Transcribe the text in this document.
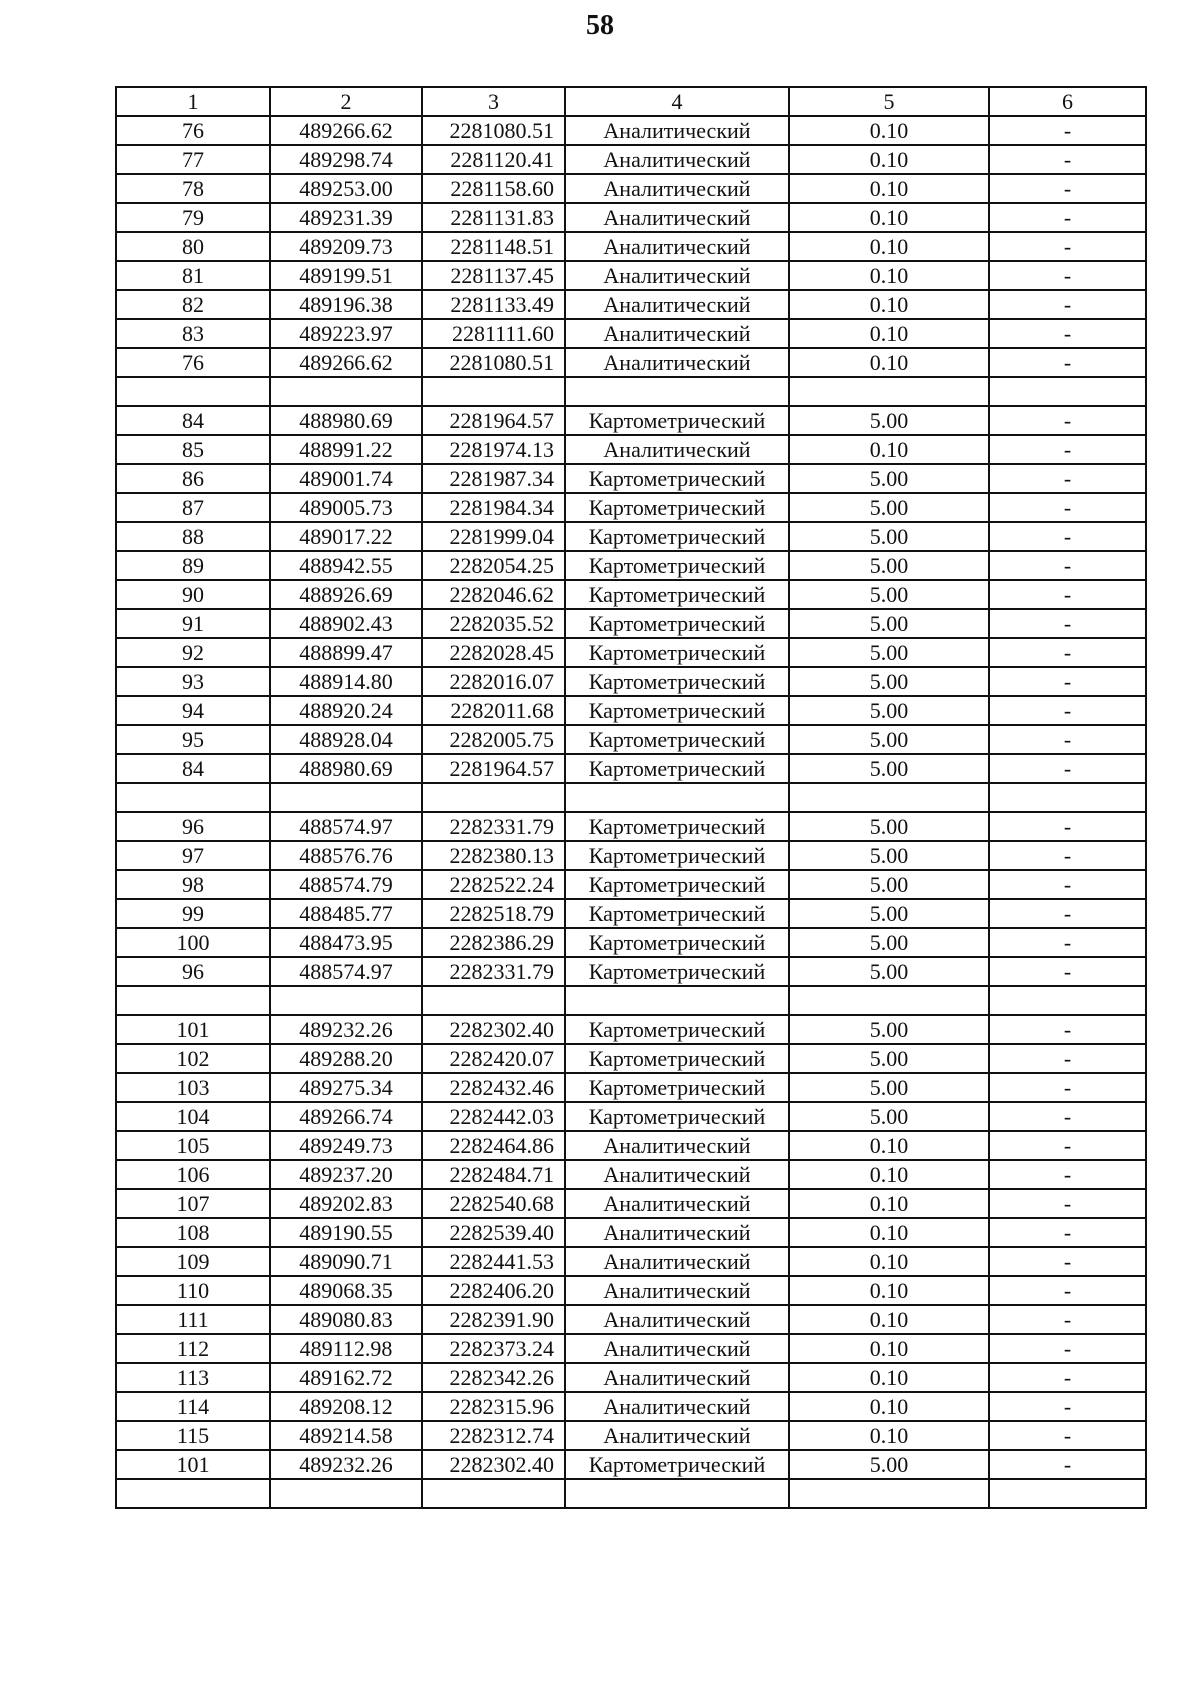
58
1	2	3	4	5	6
76	489266.62	2281080.51	Аналитический	0.10	-
77	489298.74	2281120.41	Аналитический	0.10	-
78	489253.00	2281158.60	Аналитический	0.10	-
79	489231.39	2281131.83	Аналитический	0.10	-
80	489209.73	2281148.51	Аналитический	0.10	-
81	489199.51	2281137.45	Аналитический	0.10	-
82	489196.38	2281133.49	Аналитический	0.10	-
83	489223.97	2281111.60	Аналитический	0.10	-
76	489266.62	2281080.51	Аналитический	0.10	-

84	488980.69	2281964.57	Картометрический	5.00	-
85	488991.22	2281974.13	Аналитический	0.10	-
86	489001.74	2281987.34	Картометрический	5.00	-
87	489005.73	2281984.34	Картометрический	5.00	-
88	489017.22	2281999.04	Картометрический	5.00	-
89	488942.55	2282054.25	Картометрический	5.00	-
90	488926.69	2282046.62	Картометрический	5.00	-
91	488902.43	2282035.52	Картометрический	5.00	-
92	488899.47	2282028.45	Картометрический	5.00	-
93	488914.80	2282016.07	Картометрический	5.00	-
94	488920.24	2282011.68	Картометрический	5.00	-
95	488928.04	2282005.75	Картометрический	5.00	-
84	488980.69	2281964.57	Картометрический	5.00	-

96	488574.97	2282331.79	Картометрический	5.00	-
97	488576.76	2282380.13	Картометрический	5.00	-
98	488574.79	2282522.24	Картометрический	5.00	-
99	488485.77	2282518.79	Картометрический	5.00	-
100	488473.95	2282386.29	Картометрический	5.00	-
96	488574.97	2282331.79	Картометрический	5.00	-

101	489232.26	2282302.40	Картометрический	5.00	-
102	489288.20	2282420.07	Картометрический	5.00	-
103	489275.34	2282432.46	Картометрический	5.00	-
104	489266.74	2282442.03	Картометрический	5.00	-
105	489249.73	2282464.86	Аналитический	0.10	-
106	489237.20	2282484.71	Аналитический	0.10	-
107	489202.83	2282540.68	Аналитический	0.10	-
108	489190.55	2282539.40	Аналитический	0.10	-
109	489090.71	2282441.53	Аналитический	0.10	-
110	489068.35	2282406.20	Аналитический	0.10	-
111	489080.83	2282391.90	Аналитический	0.10	-
112	489112.98	2282373.24	Аналитический	0.10	-
113	489162.72	2282342.26	Аналитический	0.10	-
114	489208.12	2282315.96	Аналитический	0.10	-
115	489214.58	2282312.74	Аналитический	0.10	-
101	489232.26	2282302.40	Картометрический	5.00	-
